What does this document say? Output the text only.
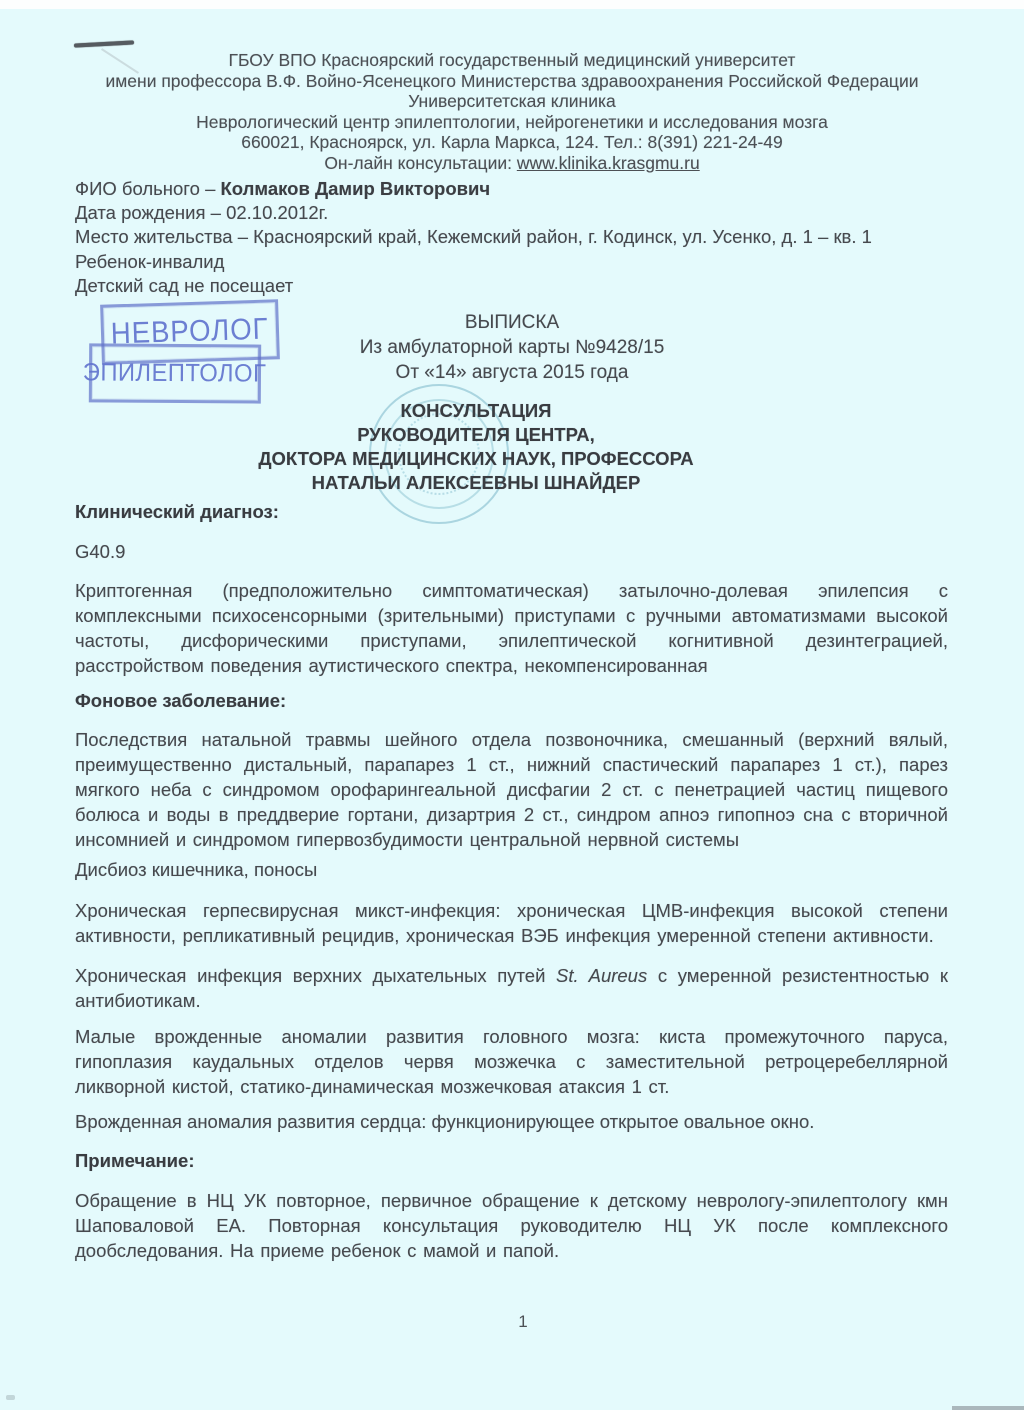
ГБОУ ВПО Красноярский государственный медицинский университет
имени профессора В.Ф. Войно-Ясенецкого Министерства здравоохранения Российской Федерации
Университетская клиника
Неврологический центр эпилептологии, нейрогенетики и исследования мозга
660021, Красноярск, ул. Карла Маркса, 124. Тел.: 8(391) 221-24-49
Он-лайн консультации: www.klinika.krasgmu.ru
ФИО больного – Колмаков Дамир Викторович
Дата рождения – 02.10.2012г.
Место жительства – Красноярский край, Кежемский район, г. Кодинск, ул. Усенко, д. 1 – кв. 1
Ребенок-инвалид
Детский сад не посещает
НЕВРОЛОГ
ЭПИЛЕПТОЛОГ
ВЫПИСКА
Из амбулаторной карты №9428/15
От «14» августа 2015 года
КОНСУЛЬТАЦИЯ
РУКОВОДИТЕЛЯ ЦЕНТРА,
ДОКТОРА МЕДИЦИНСКИХ НАУК, ПРОФЕССОРА
НАТАЛЬИ АЛЕКСЕЕВНЫ ШНАЙДЕР
Клинический диагноз:
G40.9
Криптогенная (предположительно симптоматическая) затылочно-долевая эпилепсия с комплексными психосенсорными (зрительными) приступами с ручными автоматизмами высокой частоты, дисфорическими приступами, эпилептической когнитивной дезинтеграцией, расстройством поведения аутистического спектра, некомпенсированная
Фоновое заболевание:
Последствия натальной травмы шейного отдела позвоночника, смешанный (верхний вялый, преимущественно дистальный, парапарез 1 ст., нижний спастический парапарез 1 ст.), парез мягкого неба с синдромом орофарингеальной дисфагии 2 ст. с пенетрацией частиц пищевого болюса и воды в преддверие гортани, дизартрия 2 ст., синдром апноэ гипопноэ сна с вторичной инсомнией и синдромом гипервозбудимости центральной нервной системы
Дисбиоз кишечника, поносы
Хроническая герпесвирусная микст-инфекция: хроническая ЦМВ-инфекция высокой степени активности, репликативный рецидив, хроническая ВЭБ инфекция умеренной степени активности.
Хроническая инфекция верхних дыхательных путей St. Aureus с умеренной резистентностью к антибиотикам.
Малые врожденные аномалии развития головного мозга: киста промежуточного паруса, гипоплазия каудальных отделов червя мозжечка с заместительной ретроцеребеллярной ликворной кистой, статико-динамическая мозжечковая атаксия 1 ст.
Врожденная аномалия развития сердца: функционирующее открытое овальное окно.
Примечание:
Обращение в НЦ УК повторное, первичное обращение к детскому неврологу-эпилептологу кмн Шаповаловой ЕА. Повторная консультация руководителю НЦ УК после комплексного дообследования. На приеме ребенок с мамой и папой.
1
